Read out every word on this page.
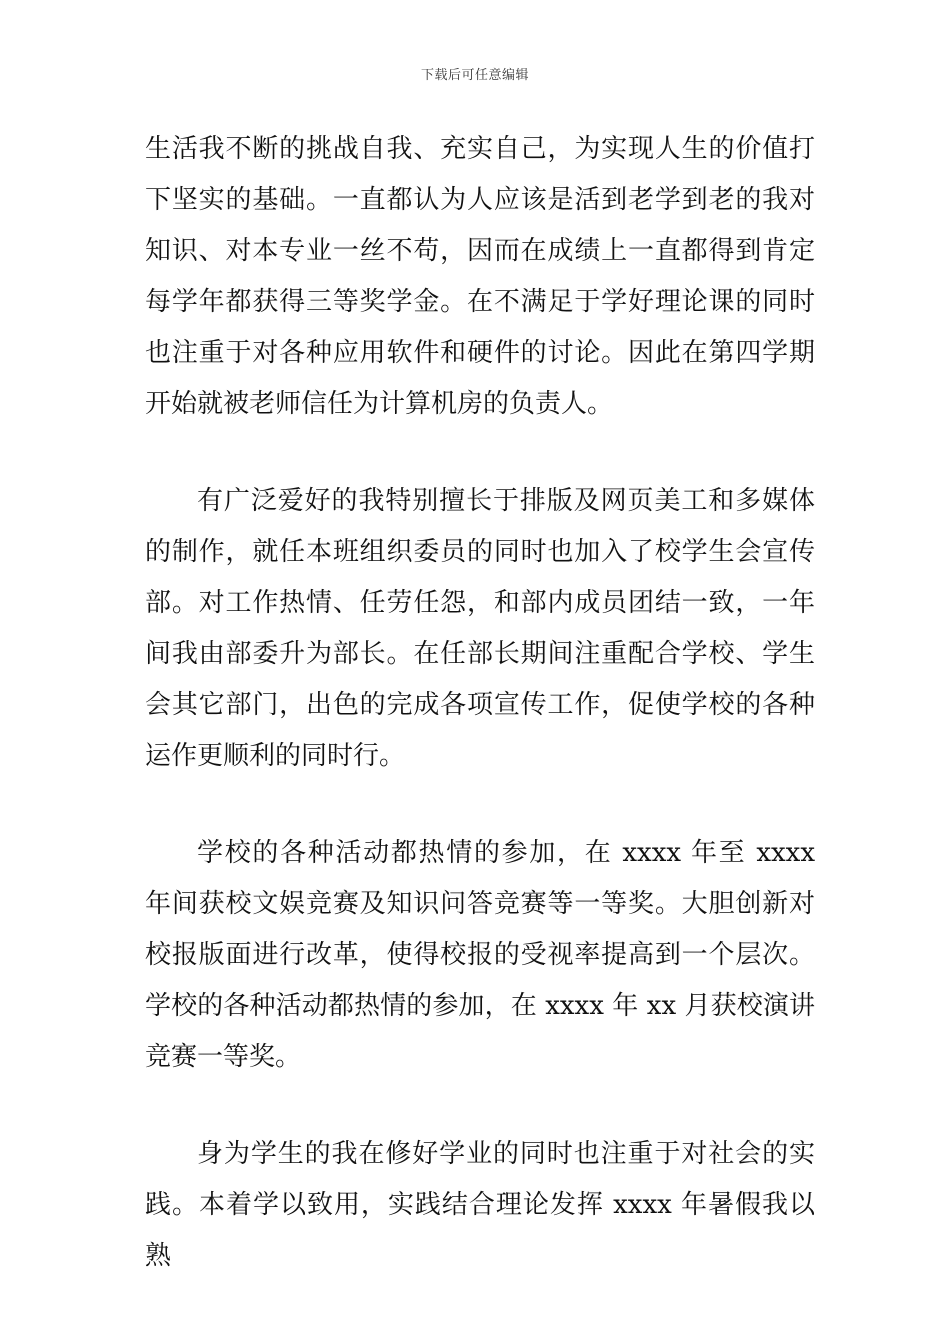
下载后可任意编辑

生活我不断的挑战自我、充实自己，为实现人生的价值打下坚实的基础。一直都认为人应该是活到老学到老的我对知识、对本专业一丝不苟，因而在成绩上一直都得到肯定每学年都获得三等奖学金。在不满足于学好理论课的同时也注重于对各种应用软件和硬件的讨论。因此在第四学期开始就被老师信任为计算机房的负责人。

有广泛爱好的我特别擅长于排版及网页美工和多媒体的制作，就任本班组织委员的同时也加入了校学生会宣传部。对工作热情、任劳任怨，和部内成员团结一致，一年间我由部委升为部长。在任部长期间注重配合学校、学生会其它部门，出色的完成各项宣传工作，促使学校的各种运作更顺利的同时行。

学校的各种活动都热情的参加，在 xxxx 年至 xxxx 年间获校文娱竞赛及知识问答竞赛等一等奖。大胆创新对校报版面进行改革，使得校报的受视率提高到一个层次。学校的各种活动都热情的参加，在 xxxx 年 xx 月获校演讲竞赛一等奖。

身为学生的我在修好学业的同时也注重于对社会的实践。本着学以致用，实践结合理论发挥 xxxx 年暑假我以熟
